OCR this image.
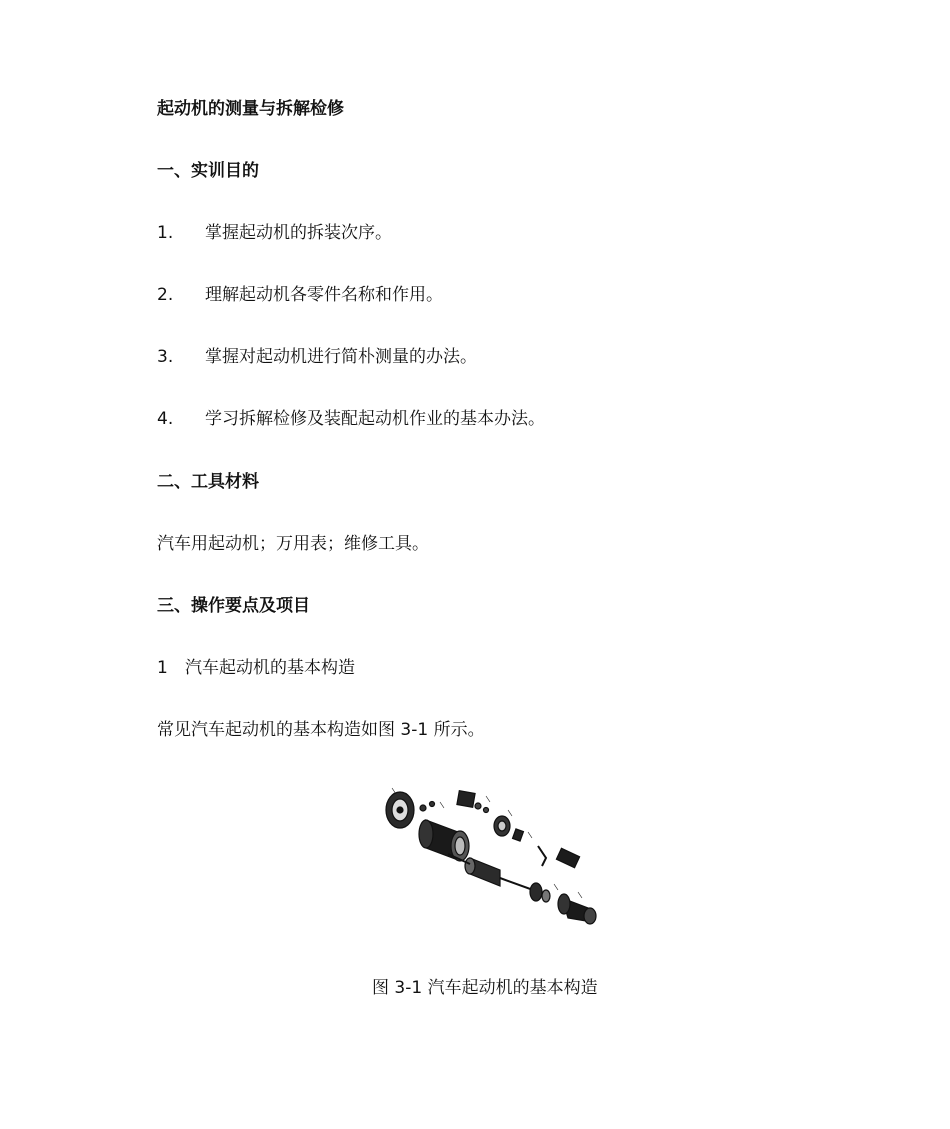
起动机的测量与拆解检修
一、实训目的
1. 掌握起动机的拆装次序。
2. 理解起动机各零件名称和作用。
3. 掌握对起动机进行简朴测量的办法。
4. 学习拆解检修及装配起动机作业的基本办法。
二、工具材料
汽车用起动机；万用表；维修工具。
三、操作要点及项目
1 汽车起动机的基本构造
常见汽车起动机的基本构造如图 3-1 所示。
图 3-1 汽车起动机的基本构造
